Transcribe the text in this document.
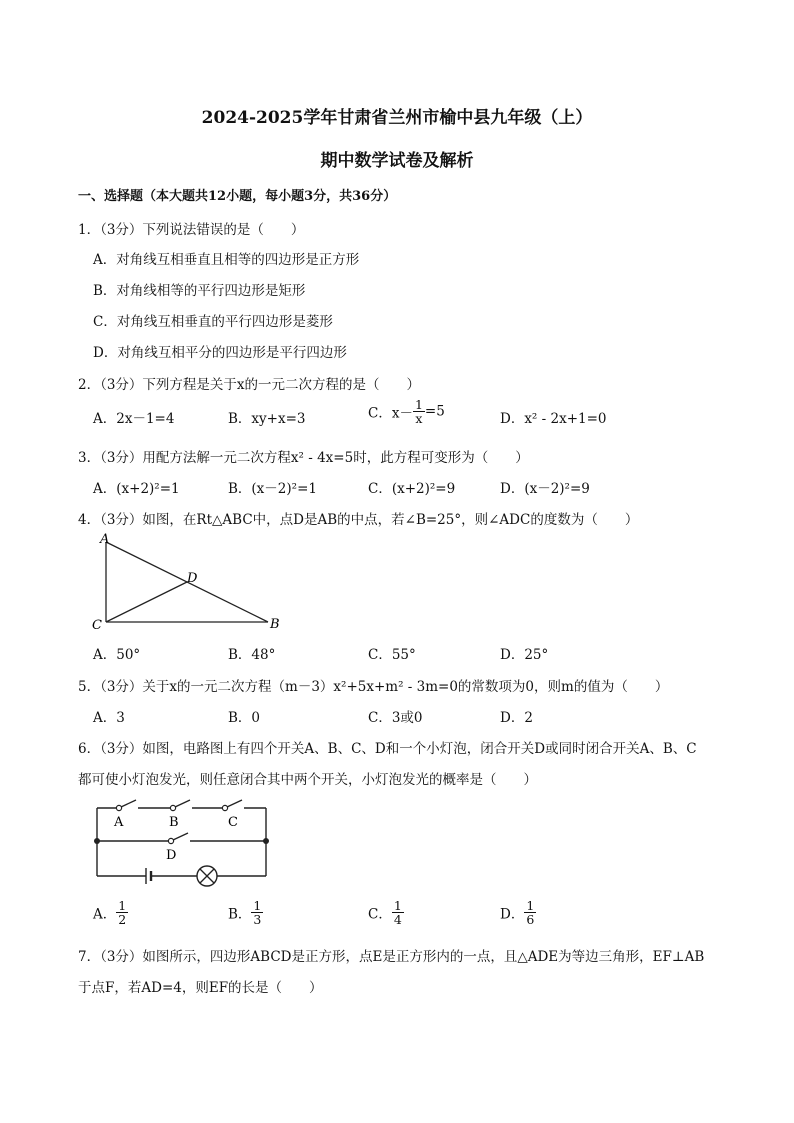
2024-2025学年甘肃省兰州市榆中县九年级（上）
期中数学试卷及解析
一、选择题（本大题共12小题，每小题3分，共36分）
1．（3分）下列说法错误的是（　　）
A．对角线互相垂直且相等的四边形是正方形
B．对角线相等的平行四边形是矩形
C．对角线互相垂直的平行四边形是菱形
D．对角线互相平分的四边形是平行四边形
2．（3分）下列方程是关于x的一元二次方程的是（　　）
A．2x－1=4	B．xy+x=3	C．$x- \frac{1}{x} =5$	D．x² - 2x+1=0
3．（3分）用配方法解一元二次方程x² - 4x=5时，此方程可变形为（　　）
A．(x+2)²=1	B．(x－2)²=1	C．(x+2)²=9	D．(x－2)²=9
4．（3分）如图，在Rt△ABC中，点D是AB的中点，若∠B=25°，则∠ADC的度数为（　　）
A
D
C	B
A．50°	B．48°	C．55°	D．25°
5．（3分）关于x的一元二次方程（m－3）x²+5x+m² - 3m=0的常数项为0，则m的值为（　　）
A．3	B．0	C．3或0	D．2
6．（3分）如图，电路图上有四个开关A、B、C、D和一个小灯泡，闭合开关D或同时闭合开关A、B、C
都可使小灯泡发光，则任意闭合其中两个开关，小灯泡发光的概率是（　　）
A	B	C
D
A． $\frac{1}{2}$	B． $\frac{1}{3}$	C． $\frac{1}{4}$	D． $\frac{1}{6}$
7．（3分）如图所示，四边形ABCD是正方形，点E是正方形内的一点，且△ADE为等边三角形，EF⊥AB
于点F，若AD=4，则EF的长是（　　）
